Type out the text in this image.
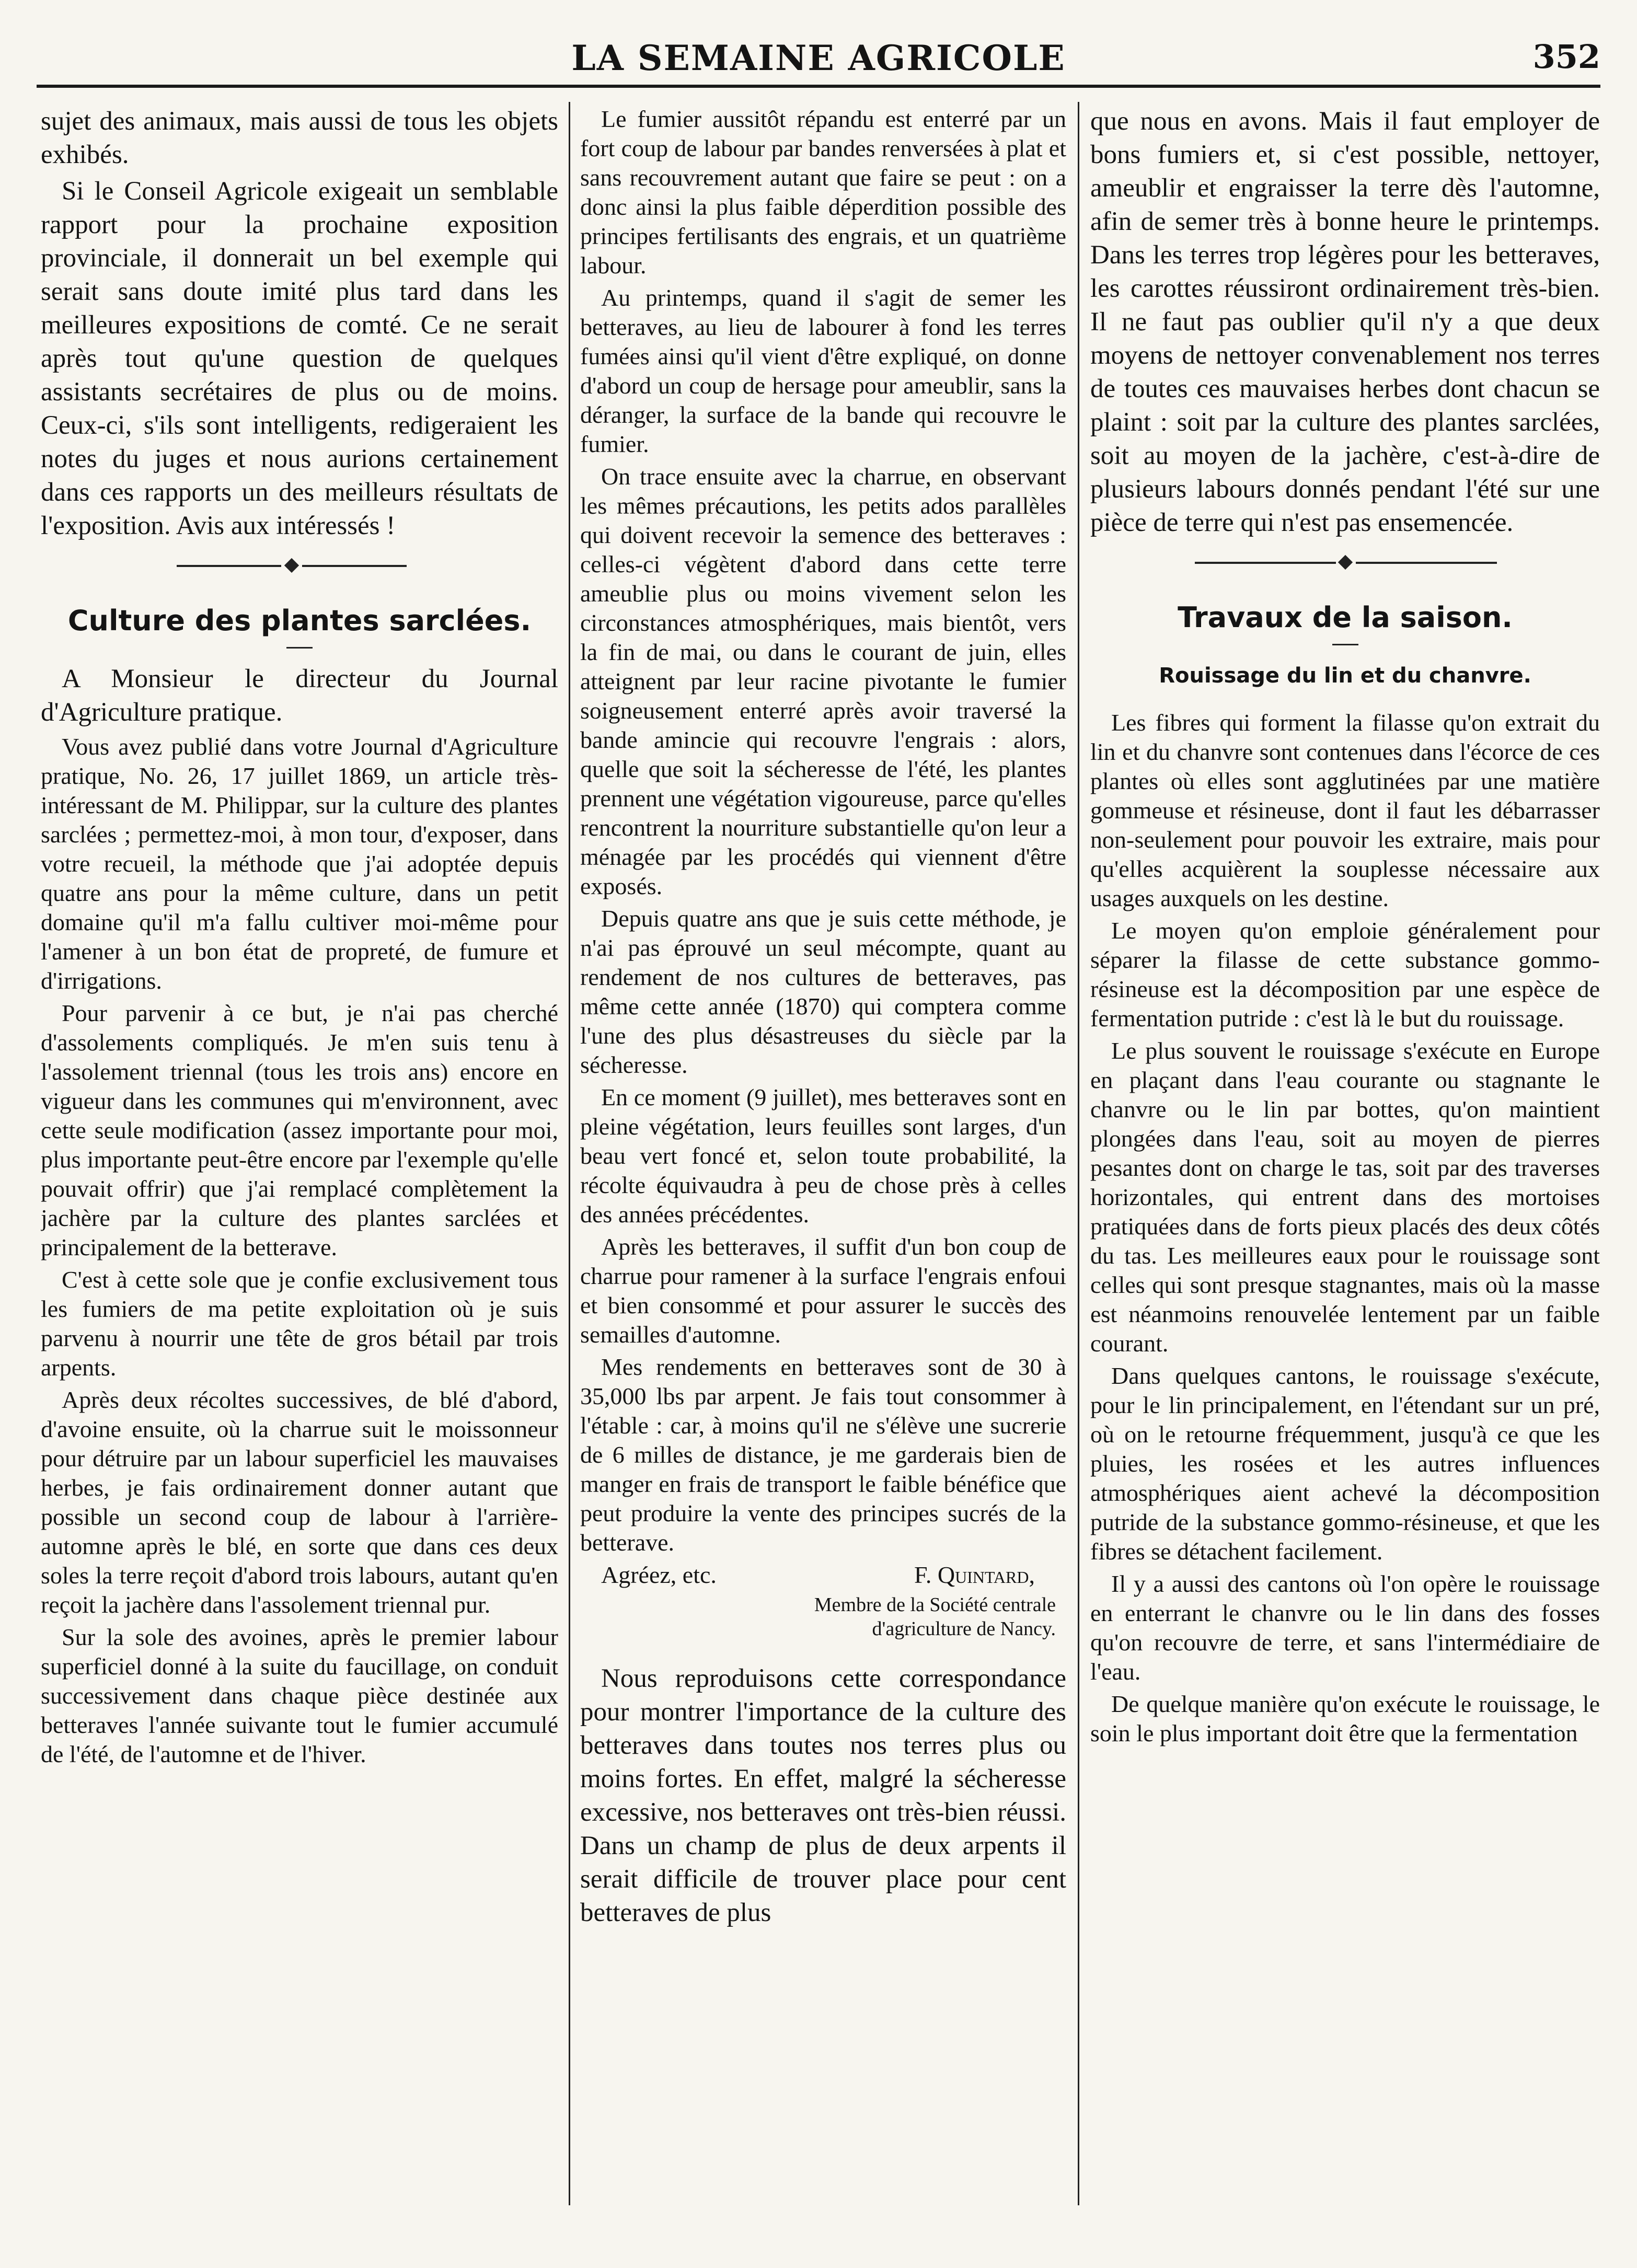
LA SEMAINE AGRICOLE	352

sujet des animaux, mais aussi de tous les objets exhibés.

Si le Conseil Agricole exigeait un semblable rapport pour la prochaine exposition provinciale, il donnerait un bel exemple qui serait sans doute imité plus tard dans les meilleures expositions de comté. Ce ne serait après tout qu'une question de quelques assistants secrétaires de plus ou de moins. Ceux-ci, s'ils sont intelligents, redigeraient les notes du juges et nous aurions certainement dans ces rapports un des meilleurs résultats de l'exposition. Avis aux intéressés !

Culture des plantes sarclées.

A Monsieur le directeur du Journal d'Agriculture pratique.

Vous avez publié dans votre Journal d'Agriculture pratique, No. 26, 17 juillet 1869, un article très-intéressant de M. Philippar, sur la culture des plantes sarclées ; permettez-moi, à mon tour, d'exposer, dans votre recueil, la méthode que j'ai adoptée depuis quatre ans pour la même culture, dans un petit domaine qu'il m'a fallu cultiver moi-même pour l'amener à un bon état de propreté, de fumure et d'irrigations.

Pour parvenir à ce but, je n'ai pas cherché d'assolements compliqués. Je m'en suis tenu à l'assolement triennal (tous les trois ans) encore en vigueur dans les communes qui m'environnent, avec cette seule modification (assez importante pour moi, plus importante peut-être encore par l'exemple qu'elle pouvait offrir) que j'ai remplacé complètement la jachère par la culture des plantes sarclées et principalement de la betterave.

C'est à cette sole que je confie exclusivement tous les fumiers de ma petite exploitation où je suis parvenu à nourrir une tête de gros bétail par trois arpents.

Après deux récoltes successives, de blé d'abord, d'avoine ensuite, où la charrue suit le moissonneur pour détruire par un labour superficiel les mauvaises herbes, je fais ordinairement donner autant que possible un second coup de labour à l'arrière-automne après le blé, en sorte que dans ces deux soles la terre reçoit d'abord trois labours, autant qu'en reçoit la jachère dans l'assolement triennal pur.

Sur la sole des avoines, après le premier labour superficiel donné à la suite du faucillage, on conduit successivement dans chaque pièce destinée aux betteraves l'année suivante tout le fumier accumulé de l'été, de l'automne et de l'hiver.

Le fumier aussitôt répandu est enterré par un fort coup de labour par bandes renversées à plat et sans recouvrement autant que faire se peut : on a donc ainsi la plus faible déperdition possible des principes fertilisants des engrais, et un quatrième labour.

Au printemps, quand il s'agit de semer les betteraves, au lieu de labourer à fond les terres fumées ainsi qu'il vient d'être expliqué, on donne d'abord un coup de hersage pour ameublir, sans la déranger, la surface de la bande qui recouvre le fumier.

On trace ensuite avec la charrue, en observant les mêmes précautions, les petits ados parallèles qui doivent recevoir la semence des betteraves : celles-ci végètent d'abord dans cette terre ameublie plus ou moins vivement selon les circonstances atmosphériques, mais bientôt, vers la fin de mai, ou dans le courant de juin, elles atteignent par leur racine pivotante le fumier soigneusement enterré après avoir traversé la bande amincie qui recouvre l'engrais : alors, quelle que soit la sécheresse de l'été, les plantes prennent une végétation vigoureuse, parce qu'elles rencontrent la nourriture substantielle qu'on leur a ménagée par les procédés qui viennent d'être exposés.

Depuis quatre ans que je suis cette méthode, je n'ai pas éprouvé un seul mécompte, quant au rendement de nos cultures de betteraves, pas même cette année (1870) qui comptera comme l'une des plus désastreuses du siècle par la sécheresse.

En ce moment (9 juillet), mes betteraves sont en pleine végétation, leurs feuilles sont larges, d'un beau vert foncé et, selon toute probabilité, la récolte équivaudra à peu de chose près à celles des années précédentes.

Après les betteraves, il suffit d'un bon coup de charrue pour ramener à la surface l'engrais enfoui et bien consommé et pour assurer le succès des semailles d'automne.

Mes rendements en betteraves sont de 30 à 35,000 lbs par arpent. Je fais tout consommer à l'étable : car, à moins qu'il ne s'élève une sucrerie de 6 milles de distance, je me garderais bien de manger en frais de transport le faible bénéfice que peut produire la vente des principes sucrés de la betterave.

Agréez, etc.	F. Quintard,

Membre de la Société centrale
d'agriculture de Nancy.

Nous reproduisons cette correspondance pour montrer l'importance de la culture des betteraves dans toutes nos terres plus ou moins fortes. En effet, malgré la sécheresse excessive, nos betteraves ont très-bien réussi. Dans un champ de plus de deux arpents il serait difficile de trouver place pour cent betteraves de plus

que nous en avons. Mais il faut employer de bons fumiers et, si c'est possible, nettoyer, ameublir et engraisser la terre dès l'automne, afin de semer très à bonne heure le printemps. Dans les terres trop légères pour les betteraves, les carottes réussiront ordinairement très-bien. Il ne faut pas oublier qu'il n'y a que deux moyens de nettoyer convenablement nos terres de toutes ces mauvaises herbes dont chacun se plaint : soit par la culture des plantes sarclées, soit au moyen de la jachère, c'est-à-dire de plusieurs labours donnés pendant l'été sur une pièce de terre qui n'est pas ensemencée.

Travaux de la saison.
Rouissage du lin et du chanvre.

Les fibres qui forment la filasse qu'on extrait du lin et du chanvre sont contenues dans l'écorce de ces plantes où elles sont agglutinées par une matière gommeuse et résineuse, dont il faut les débarrasser non-seulement pour pouvoir les extraire, mais pour qu'elles acquièrent la souplesse nécessaire aux usages auxquels on les destine.

Le moyen qu'on emploie généralement pour séparer la filasse de cette substance gommo-résineuse est la décomposition par une espèce de fermentation putride : c'est là le but du rouissage.

Le plus souvent le rouissage s'exécute en Europe en plaçant dans l'eau courante ou stagnante le chanvre ou le lin par bottes, qu'on maintient plongées dans l'eau, soit au moyen de pierres pesantes dont on charge le tas, soit par des traverses horizontales, qui entrent dans des mortoises pratiquées dans de forts pieux placés des deux côtés du tas. Les meilleures eaux pour le rouissage sont celles qui sont presque stagnantes, mais où la masse est néanmoins renouvelée lentement par un faible courant.

Dans quelques cantons, le rouissage s'exécute, pour le lin principalement, en l'étendant sur un pré, où on le retourne fréquemment, jusqu'à ce que les pluies, les rosées et les autres influences atmosphériques aient achevé la décomposition putride de la substance gommo-résineuse, et que les fibres se détachent facilement.

Il y a aussi des cantons où l'on opère le rouissage en enterrant le chanvre ou le lin dans des fosses qu'on recouvre de terre, et sans l'intermédiaire de l'eau.

De quelque manière qu'on exécute le rouissage, le soin le plus important doit être que la fermentation
